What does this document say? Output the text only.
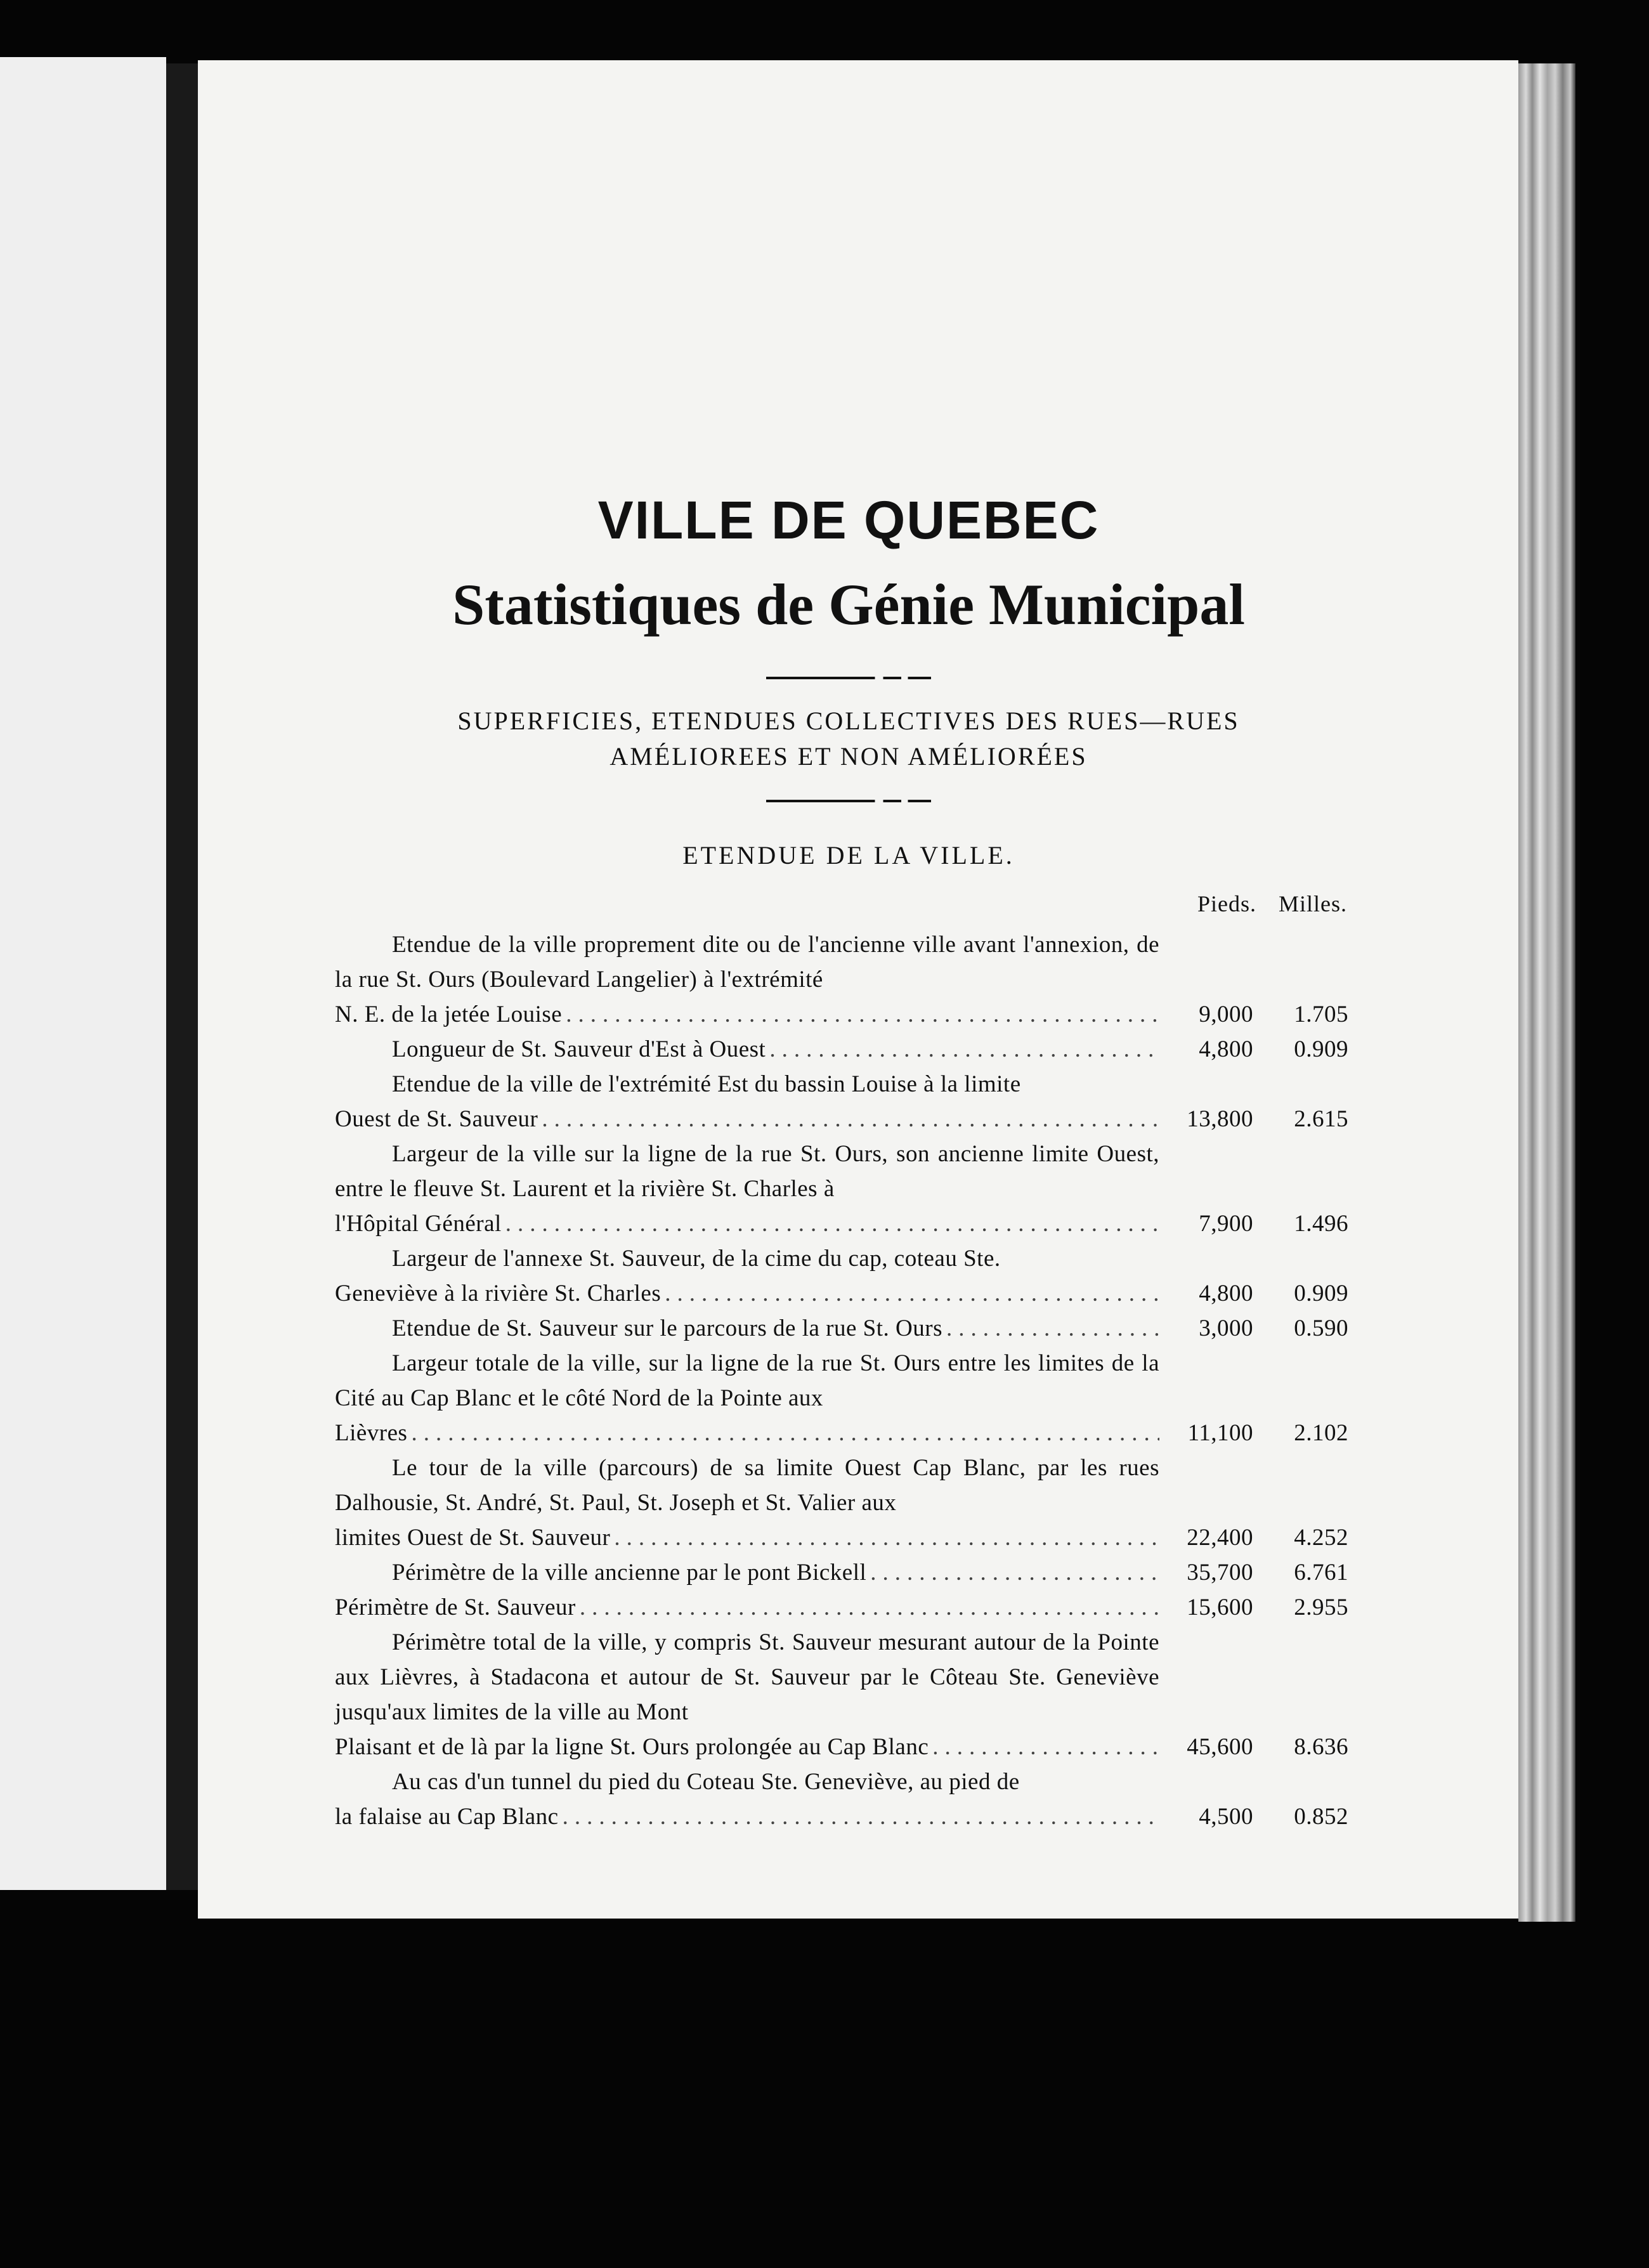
VILLE DE QUEBEC
Statistiques de Génie Municipal
SUPERFICIES, ETENDUES COLLECTIVES DES RUES—RUES
AMÉLIOREES ET NON AMÉLIORÉES
ETENDUE DE LA VILLE.
Pieds. Milles.
Etendue de la ville proprement dite ou de l'ancienne ville avant l'annexion, de la rue St. Ours (Boulevard Langelier) à l'extrémité
N. E. de la jetée Louise .....	9,000	1.705
Longueur de St. Sauveur d'Est à Ouest .....	4,800	0.909
Etendue de la ville de l'extrémité Est du bassin Louise à la limite
Ouest de St. Sauveur .....	13,800	2.615
Largeur de la ville sur la ligne de la rue St. Ours, son ancienne limite Ouest, entre le fleuve St. Laurent et la rivière St. Charles à
l'Hôpital Général .....	7,900	1.496
Largeur de l'annexe St. Sauveur, de la cime du cap, coteau Ste.
Geneviève à la rivière St. Charles .....	4,800	0.909
Etendue de St. Sauveur sur le parcours de la rue St. Ours .....	3,000	0.590
Largeur totale de la ville, sur la ligne de la rue St. Ours entre les limites de la Cité au Cap Blanc et le côté Nord de la Pointe aux
Lièvres .....	11,100	2.102
Le tour de la ville (parcours) de sa limite Ouest Cap Blanc, par les rues Dalhousie, St. André, St. Paul, St. Joseph et St. Valier aux
limites Ouest de St. Sauveur .....	22,400	4.252
Périmètre de la ville ancienne par le pont Bickell .....	35,700	6.761
Périmètre de St. Sauveur .....	15,600	2.955
Périmètre total de la ville, y compris St. Sauveur mesurant autour de la Pointe aux Lièvres, à Stadacona et autour de St. Sauveur par le Côteau Ste. Geneviève jusqu'aux limites de la ville au Mont
Plaisant et de là par la ligne St. Ours prolongée au Cap Blanc .....	45,600	8.636
Au cas d'un tunnel du pied du Coteau Ste. Geneviève, au pied de
la falaise au Cap Blanc .....	4,500	0.852
